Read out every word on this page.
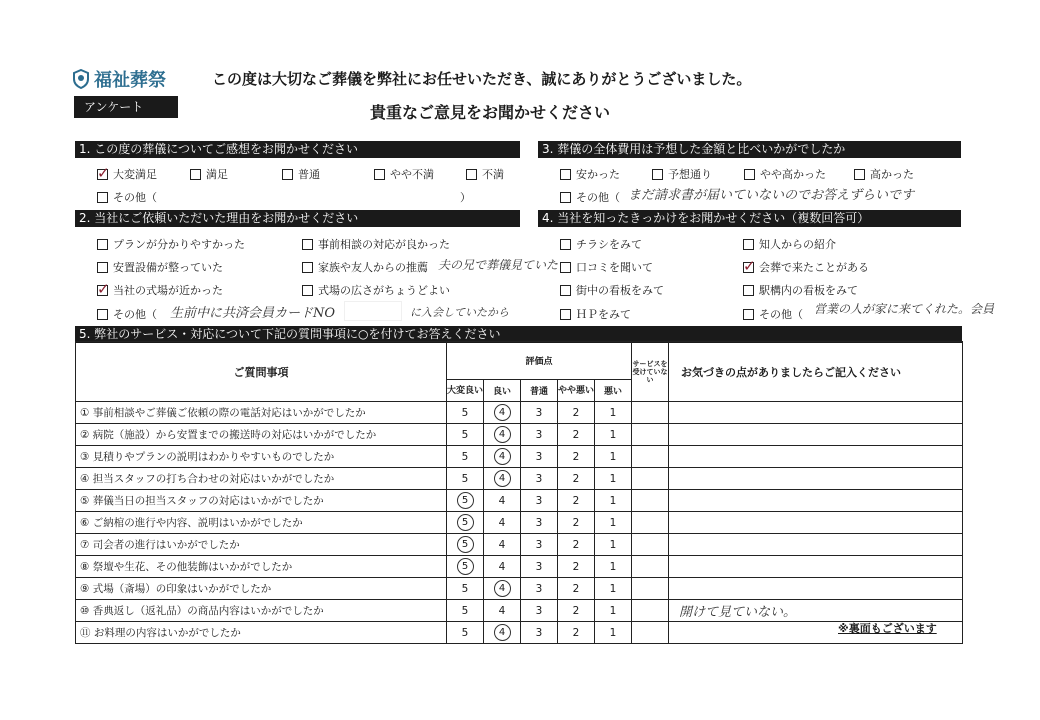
福祉葬祭	この度は大切なご葬儀を弊社にお任せいただき、誠にありがとうございました。
アンケート	貴重なご意見をお聞かせください
1. この度の葬儀についてご感想をお聞かせください
✓
大変満足	満足	普通	やや不満	不満
その他（	）
2. 当社にご依頼いただいた理由をお聞かせください
プランが分かりやすかった	事前相談の対応が良かった
安置設備が整っていた	家族や友人からの推薦 夫の兄で葬儀見ていた
✓
当社の式場が近かった	式場の広さがちょうどよい
その他（ 生前中に共済会員カードNO	に入会していたから
3. 葬儀の全体費用は予想した金額と比べいかがでしたか
安かった	予想通り	やや高かった	高かった
その他（ まだ請求書が届いていないのでお答えずらいです
4. 当社を知ったきっかけをお聞かせください（複数回答可）
チラシをみて	知人からの紹介
口コミを聞いて ✓	会葬で来たことがある
街中の看板をみて	駅構内の看板をみて
ＨＰをみて	その他（ 営業の人が家に来てくれた。会員
5. 弊社のサービス・対応について下記の質問事項に○を付けてお答えください
ご質問事項	評価点					サービスを受けていない	お気づきの点がありましたらご記入ください
	大変良い	良い	普通	やや悪い	悪い		
① 事前相談やご葬儀ご依頼の際の電話対応はいかがでしたか	5	4	3	2	1		
② 病院（施設）から安置までの搬送時の対応はいかがでしたか	5	4	3	2	1		
③ 見積りやプランの説明はわかりやすいものでしたか	5	4	3	2	1		
④ 担当スタッフの打ち合わせの対応はいかがでしたか	5	4	3	2	1		
⑤ 葬儀当日の担当スタッフの対応はいかがでしたか	5	4	3	2	1		
⑥ ご納棺の進行や内容、説明はいかがでしたか	5	4	3	2	1		
⑦ 司会者の進行はいかがでしたか	5	4	3	2	1		
⑧ 祭壇や生花、その他装飾はいかがでしたか	5	4	3	2	1		
⑨ 式場（斎場）の印象はいかがでしたか	5	4	3	2	1		
⑩ 香典返し（返礼品）の商品内容はいかがでしたか	5	4	3	2	1		開けて見ていない。
⑪ お料理の内容はいかがでしたか	5	4	3	2	1			※裏面もございます
